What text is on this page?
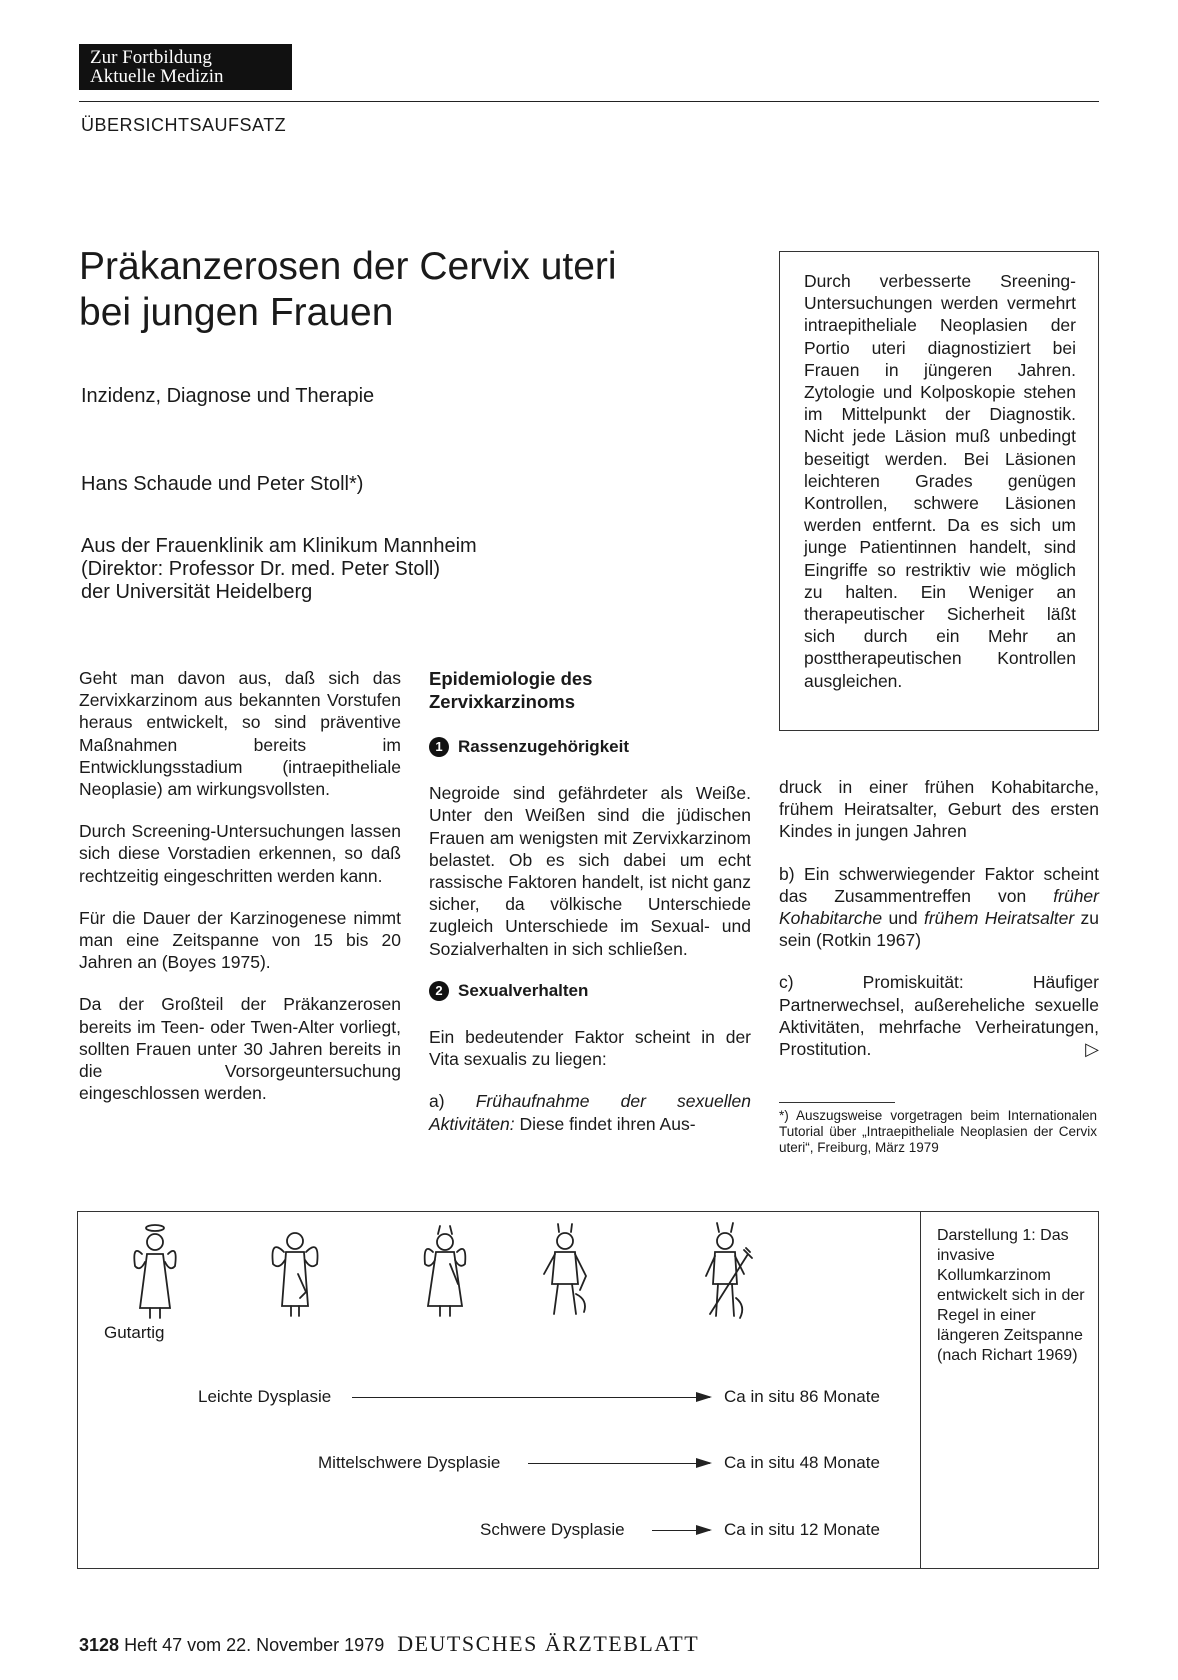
Zur Fortbildung
Aktuelle Medizin
ÜBERSICHTSAUFSATZ
Präkanzerosen der Cervix uteri
bei jungen Frauen
Inzidenz, Diagnose und Therapie
Hans Schaude und Peter Stoll*)
Aus der Frauenklinik am Klinikum Mannheim
(Direktor: Professor Dr. med. Peter Stoll)
der Universität Heidelberg
Durch verbesserte Sreening-Untersuchungen werden vermehrt intraepitheliale Neoplasien der Portio uteri diagnostiziert bei Frauen in jüngeren Jahren. Zytologie und Kolposkopie stehen im Mittelpunkt der Diagnostik. Nicht jede Läsion muß unbedingt beseitigt werden. Bei Läsionen leichteren Grades genügen Kontrollen, schwere Läsionen werden entfernt. Da es sich um junge Patientinnen handelt, sind Eingriffe so restriktiv wie möglich zu halten. Ein Weniger an therapeutischer Sicherheit läßt sich durch ein Mehr an posttherapeutischen Kontrollen ausgleichen.

Geht man davon aus, daß sich das Zervixkarzinom aus bekannten Vorstufen heraus entwickelt, so sind präventive Maßnahmen bereits im Entwicklungsstadium (intraepitheliale Neoplasie) am wirkungsvollsten.

Durch Screening-Untersuchungen lassen sich diese Vorstadien erkennen, so daß rechtzeitig eingeschritten werden kann.

Für die Dauer der Karzinogenese nimmt man eine Zeitspanne von 15 bis 20 Jahren an (Boyes 1975).

Da der Großteil der Präkanzerosen bereits im Teen- oder Twen-Alter vorliegt, sollten Frauen unter 30 Jahren bereits in die Vorsorgeuntersuchung eingeschlossen werden.

Epidemiologie des
Zervixkarzinoms
1 Rassenzugehörigkeit

Negroide sind gefährdeter als Weiße. Unter den Weißen sind die jüdischen Frauen am wenigsten mit Zervixkarzinom belastet. Ob es sich dabei um echt rassische Faktoren handelt, ist nicht ganz sicher, da völkische Unterschiede zugleich Unterschiede im Sexual- und Sozialverhalten in sich schließen.

2 Sexualverhalten

Ein bedeutender Faktor scheint in der Vita sexualis zu liegen:

a) Frühaufnahme der sexuellen Aktivitäten: Diese findet ihren Aus-

druck in einer frühen Kohabitarche, frühem Heiratsalter, Geburt des ersten Kindes in jungen Jahren

b) Ein schwerwiegender Faktor scheint das Zusammentreffen von früher Kohabitarche und frühem Heiratsalter zu sein (Rotkin 1967)

c) Promiskuität: Häufiger Partnerwechsel, außereheliche sexuelle Aktivitäten, mehrfache Verheiratungen, Prostitution.	▷

*) Auszugsweise vorgetragen beim Internationalen Tutorial über „Intraepitheliale Neoplasien der Cervix uteri“, Freiburg, März 1979
Gutartig
Leichte Dysplasie	Ca in situ 86 Monate
Mittelschwere Dysplasie	Ca in situ 48 Monate
Schwere Dysplasie	Ca in situ 12 Monate
Darstellung 1: Das invasive Kollumkarzinom entwickelt sich in der Regel in einer längeren Zeitspanne (nach Richart 1969)
3128 Heft 47 vom 22. November 1979 DEUTSCHES ÄRZTEBLATT
